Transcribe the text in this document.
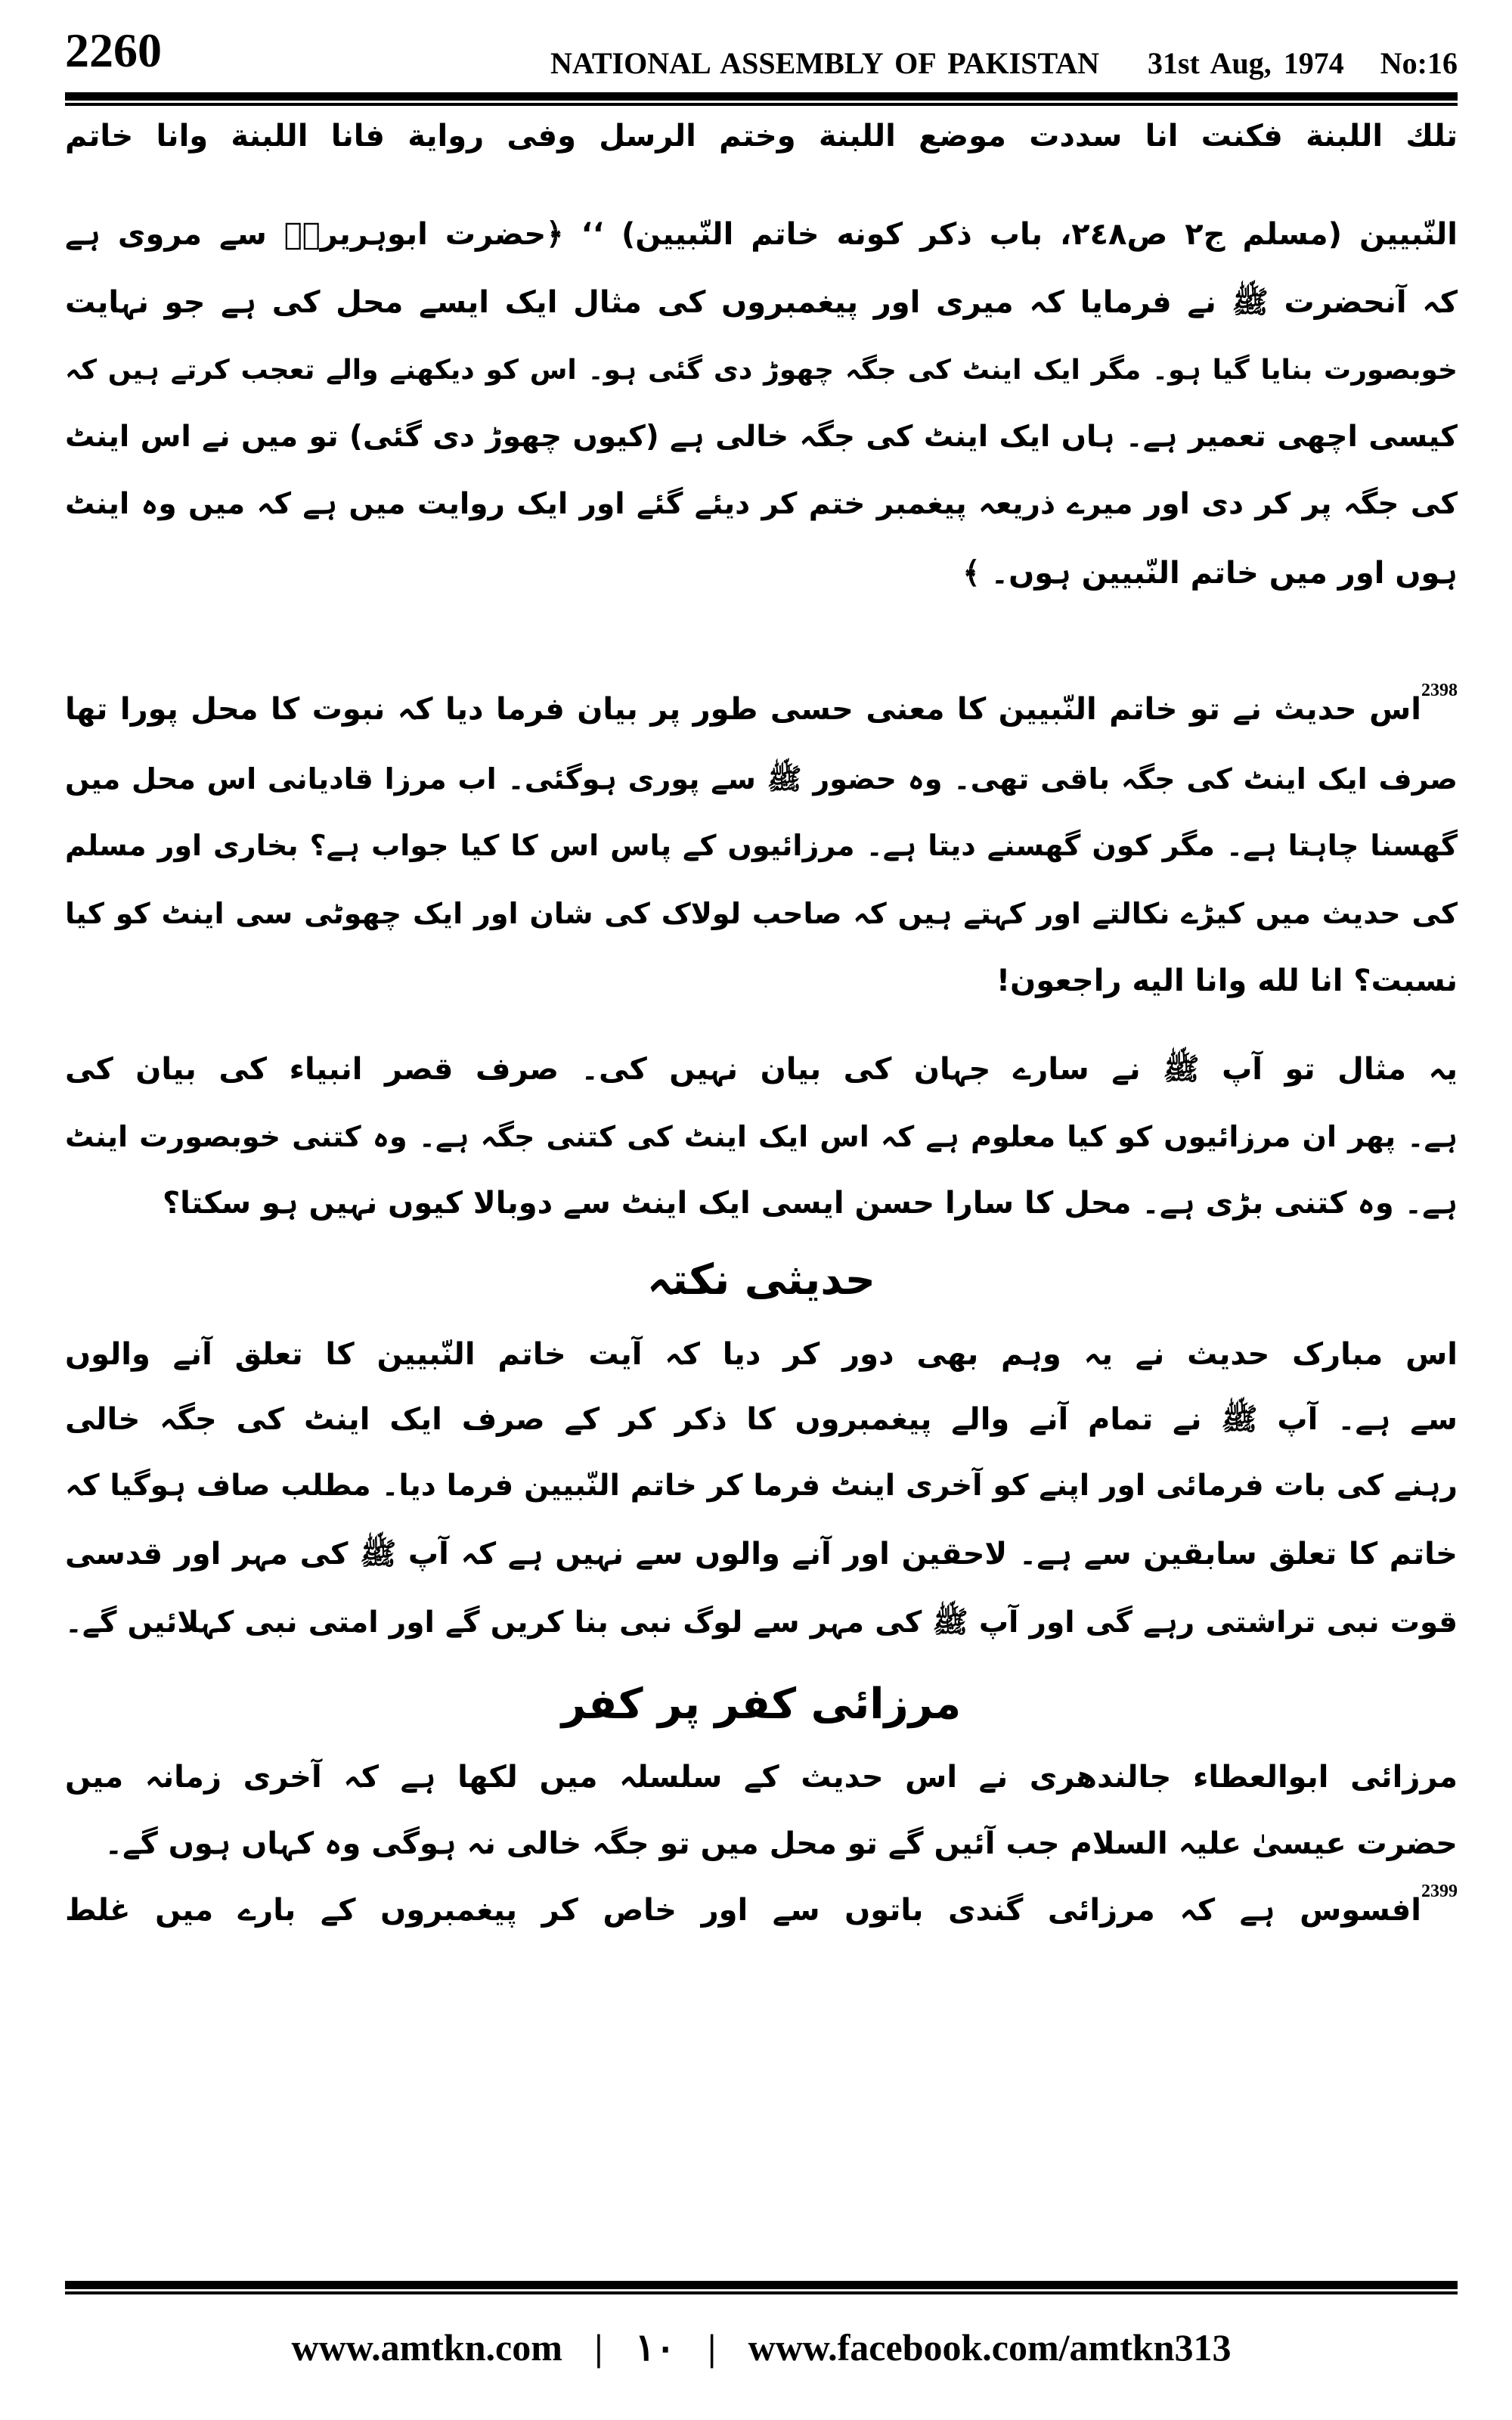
2260	NATIONAL ASSEMBLY OF PAKISTAN    31st Aug, 1974   No:16
تلك اللبنة فكنت انا سددت موضع اللبنة وختم الرسل وفى رواية فانا اللبنة وانا خاتم
النّبيين (مسلم ج٢ ص٢٤٨، باب ذكر كونه خاتم النّبيين) ‘‘ ﴿حضرت ابوہریرہؓ سے مروی ہے
کہ آنحضرت ﷺ نے فرمایا کہ میری اور پیغمبروں کی مثال ایک ایسے محل کی ہے جو نہایت
خوبصورت بنایا گیا ہو۔ مگر ایک اینٹ کی جگہ چھوڑ دی گئی ہو۔ اس کو دیکھنے والے تعجب کرتے ہیں کہ
کیسی اچھی تعمیر ہے۔ ہاں ایک اینٹ کی جگہ خالی ہے (کیوں چھوڑ دی گئی) تو میں نے اس اینٹ
کی جگہ پر کر دی اور میرے ذریعہ پیغمبر ختم کر دیئے گئے اور ایک روایت میں ہے کہ میں وہ اینٹ
ہوں اور میں خاتم النّبیین ہوں۔ ﴾
$^{2398}$اس حدیث نے تو خاتم النّبیین کا معنی حسی طور پر بیان فرما دیا کہ نبوت کا محل پورا تھا
صرف ایک اینٹ کی جگہ باقی تھی۔ وہ حضور ﷺ سے پوری ہوگئی۔ اب مرزا قادیانی اس محل میں
گھسنا چاہتا ہے۔ مگر کون گھسنے دیتا ہے۔ مرزائیوں کے پاس اس کا کیا جواب ہے؟ بخاری اور مسلم
کی حدیث میں کیڑے نکالتے اور کہتے ہیں کہ صاحب لولاک کی شان اور ایک چھوٹی سی اینٹ کو کیا
نسبت؟ انا لله وانا اليه راجعون!
یہ مثال تو آپ ﷺ نے سارے جہان کی بیان نہیں کی۔ صرف قصر انبیاء کی بیان کی
ہے۔ پھر ان مرزائیوں کو کیا معلوم ہے کہ اس ایک اینٹ کی کتنی جگہ ہے۔ وہ کتنی خوبصورت اینٹ
ہے۔ وہ کتنی بڑی ہے۔ محل کا سارا حسن ایسی ایک اینٹ سے دوبالا کیوں نہیں ہو سکتا؟
اس مبارک حدیث نے یہ وہم بھی دور کر دیا کہ آیت خاتم النّبیین کا تعلق آنے والوں
سے ہے۔ آپ ﷺ نے تمام آنے والے پیغمبروں کا ذکر کر کے صرف ایک اینٹ کی جگہ خالی
رہنے کی بات فرمائی اور اپنے کو آخری اینٹ فرما کر خاتم النّبیین فرما دیا۔ مطلب صاف ہوگیا کہ
خاتم کا تعلق سابقین سے ہے۔ لاحقین اور آنے والوں سے نہیں ہے کہ آپ ﷺ کی مہر اور قدسی
قوت نبی تراشتی رہے گی اور آپ ﷺ کی مہر سے لوگ نبی بنا کریں گے اور امتی نبی کہلائیں گے۔
مرزائی ابوالعطاء جالندھری نے اس حدیث کے سلسلہ میں لکھا ہے کہ آخری زمانہ میں
حضرت عیسیٰ علیہ السلام جب آئیں گے تو محل میں تو جگہ خالی نہ ہوگی وہ کہاں ہوں گے۔
$^{2399}$افسوس ہے کہ مرزائی گندی باتوں سے اور خاص کر پیغمبروں کے بارے میں غلط
حدیثی نکتہ
مرزائی کفر پر کفر
www.amtkn.com | ۱۰ | www.facebook.com/amtkn313
